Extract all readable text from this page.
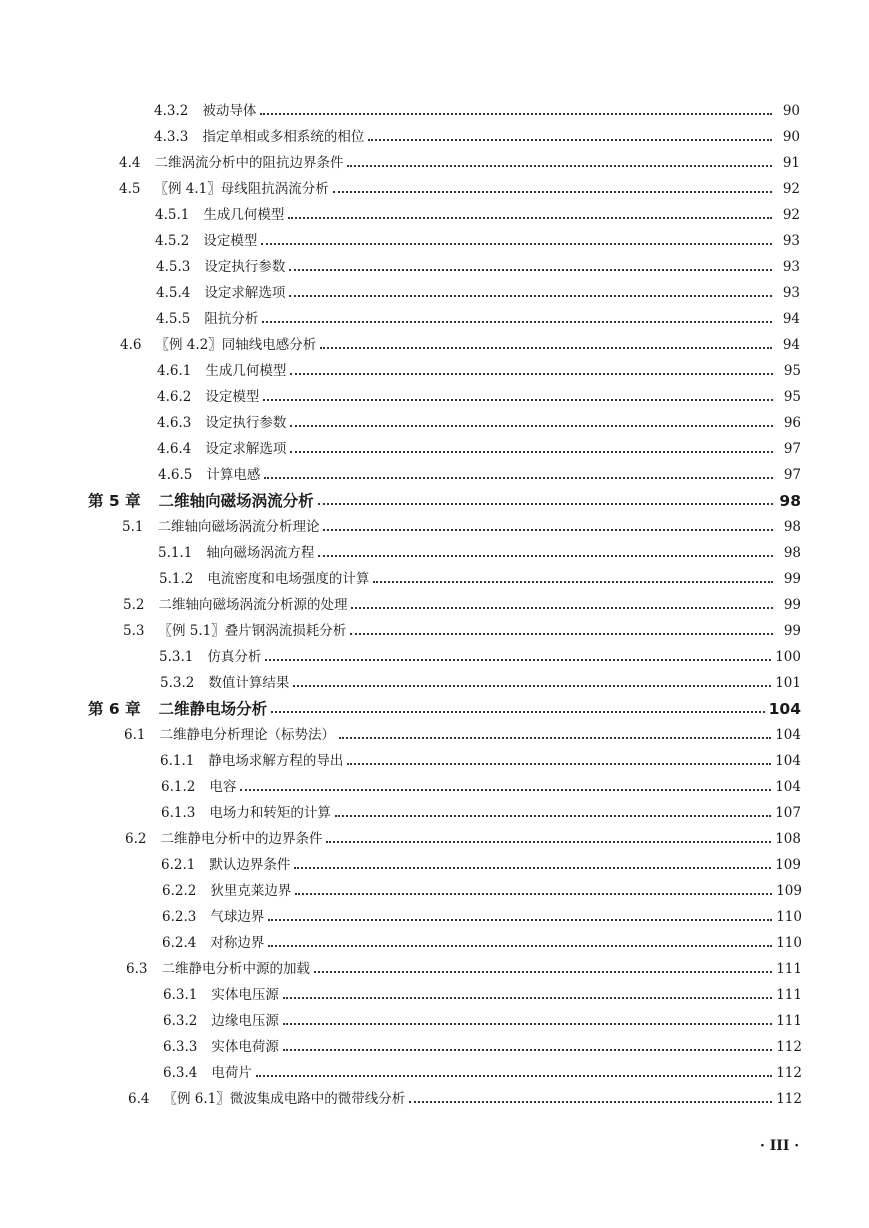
4.3.2	被动导体	90
4.3.3	指定单相或多相系统的相位	90
4.4	二维涡流分析中的阻抗边界条件	91
4.5	〖例 4.1〗母线阻抗涡流分析	92
4.5.1	生成几何模型	92
4.5.2	设定模型	93
4.5.3	设定执行参数	93
4.5.4	设定求解选项	93
4.5.5	阻抗分析	94
4.6	〖例 4.2〗同轴线电感分析	94
4.6.1	生成几何模型	95
4.6.2	设定模型	95
4.6.3	设定执行参数	96
4.6.4	设定求解选项	97
4.6.5	计算电感	97
第 5 章	二维轴向磁场涡流分析	98
5.1	二维轴向磁场涡流分析理论	98
5.1.1	轴向磁场涡流方程	98
5.1.2	电流密度和电场强度的计算	99
5.2	二维轴向磁场涡流分析源的处理	99
5.3	〖例 5.1〗叠片钢涡流损耗分析	99
5.3.1	仿真分析	100
5.3.2	数值计算结果	101
第 6 章	二维静电场分析	104
6.1	二维静电分析理论（标势法）	104
6.1.1	静电场求解方程的导出	104
6.1.2	电容	104
6.1.3	电场力和转矩的计算	107
6.2	二维静电分析中的边界条件	108
6.2.1	默认边界条件	109
6.2.2	狄里克莱边界	109
6.2.3	气球边界	110
6.2.4	对称边界	110
6.3	二维静电分析中源的加载	111
6.3.1	实体电压源	111
6.3.2	边缘电压源	111
6.3.3	实体电荷源	112
6.3.4	电荷片	112
6.4	〖例 6.1〗微波集成电路中的微带线分析	112
· III ·
